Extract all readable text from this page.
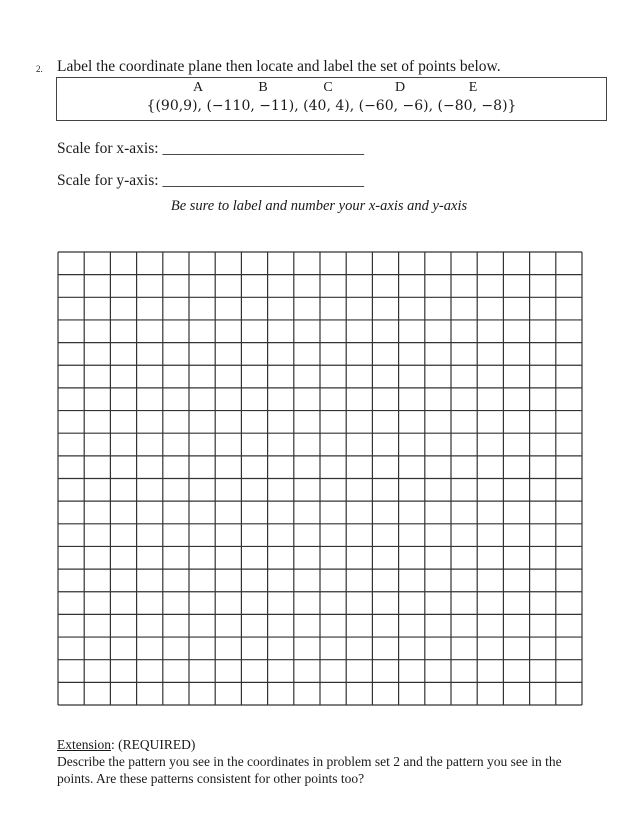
2. Label the coordinate plane then locate and label the set of points below.
A	B	C	D	E
{(90,9), (−110, −11), (40, 4), (−60, −6), (−80, −8)}
Scale for x-axis: __________________________
Scale for y-axis: __________________________
Be sure to label and number your x-axis and y-axis
Extension: (REQUIRED)
Describe the pattern you see in the coordinates in problem set 2 and the pattern you see in the points. Are these patterns consistent for other points too?
